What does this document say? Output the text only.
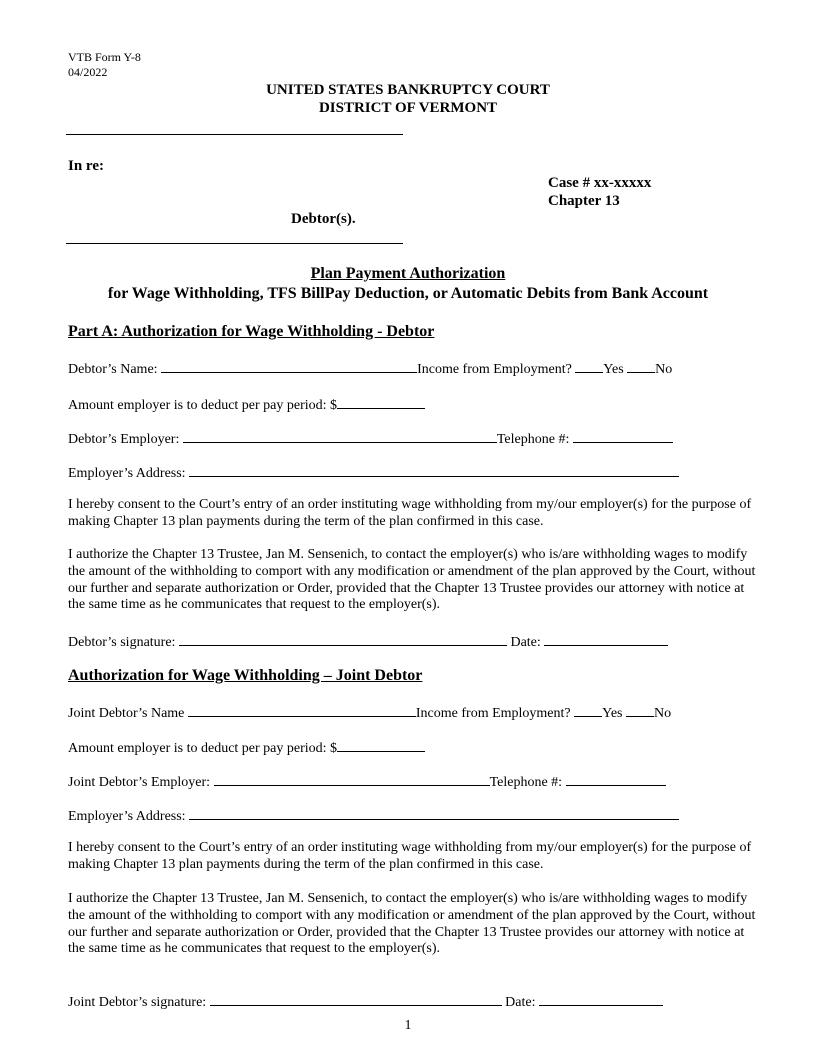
VTB Form Y-8
04/2022
UNITED STATES BANKRUPTCY COURT
DISTRICT OF VERMONT
In re:
Case # xx-xxxxx
Chapter 13
Debtor(s).
Plan Payment Authorization
for Wage Withholding, TFS BillPay Deduction, or Automatic Debits from Bank Account
Part A: Authorization for Wage Withholding - Debtor
Debtor’s Name:	Income from Employment? Yes No
Amount employer is to deduct per pay period: $
Debtor’s Employer:	Telephone #:
Employer’s Address:
I hereby consent to the Court’s entry of an order instituting wage withholding from my/our employer(s) for the purpose of making Chapter 13 plan payments during the term of the plan confirmed in this case.
I authorize the Chapter 13 Trustee, Jan M. Sensenich, to contact the employer(s) who is/are withholding wages to modify the amount of the withholding to comport with any modification or amendment of the plan approved by the Court, without our further and separate authorization or Order, provided that the Chapter 13 Trustee provides our attorney with notice at the same time as he communicates that request to the employer(s).
Debtor’s signature:	Date:
Authorization for Wage Withholding – Joint Debtor
Joint Debtor’s Name	Income from Employment? Yes No
Amount employer is to deduct per pay period: $
Joint Debtor’s Employer:	Telephone #:
Employer’s Address:
I hereby consent to the Court’s entry of an order instituting wage withholding from my/our employer(s) for the purpose of making Chapter 13 plan payments during the term of the plan confirmed in this case.
I authorize the Chapter 13 Trustee, Jan M. Sensenich, to contact the employer(s) who is/are withholding wages to modify the amount of the withholding to comport with any modification or amendment of the plan approved by the Court, without our further and separate authorization or Order, provided that the Chapter 13 Trustee provides our attorney with notice at the same time as he communicates that request to the employer(s).
Joint Debtor’s signature:	Date:
1
